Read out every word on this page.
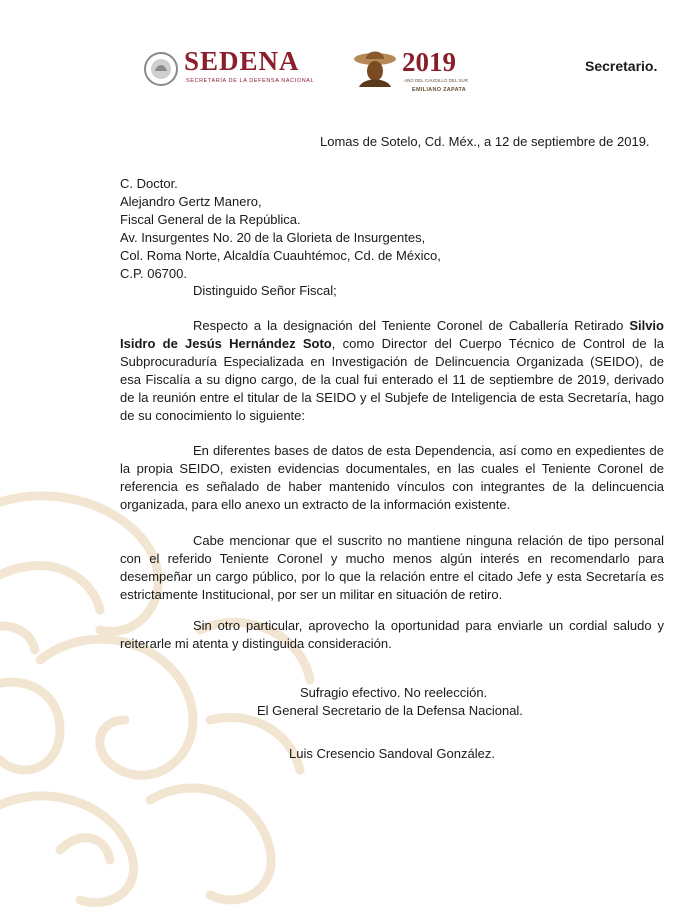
SEDENA
SECRETARÍA DE LA DEFENSA NACIONAL
2019
AÑO DEL CAUDILLO DEL SUR
EMILIANO ZAPATA
Secretario.
Lomas de Sotelo, Cd. Méx., a 12 de septiembre de 2019.
C. Doctor.
Alejandro Gertz Manero,
Fiscal General de la República.
Av. Insurgentes No. 20 de la Glorieta de Insurgentes,
Col. Roma Norte, Alcaldía Cuauhtémoc, Cd. de México,
C.P. 06700.
Distinguido Señor Fiscal;
Respecto a la designación del Teniente Coronel de Caballería Retirado Silvio Isidro de Jesús Hernández Soto, como Director del Cuerpo Técnico de Control de la Subprocuraduría Especializada en Investigación de Delincuencia Organizada (SEIDO), de esa Fiscalía a su digno cargo, de la cual fui enterado el 11 de septiembre de 2019, derivado de la reunión entre el titular de la SEIDO y el Subjefe de Inteligencia de esta Secretaría, hago de su conocimiento lo siguiente:
En diferentes bases de datos de esta Dependencia, así como en expedientes de la propia SEIDO, existen evidencias documentales, en las cuales el Teniente Coronel de referencia es señalado de haber mantenido vínculos con integrantes de la delincuencia organizada, para ello anexo un extracto de la información existente.
Cabe mencionar que el suscrito no mantiene ninguna relación de tipo personal con el referido Teniente Coronel y mucho menos algún interés en recomendarlo para desempeñar un cargo público, por lo que la relación entre el citado Jefe y esta Secretaría es estrictamente Institucional, por ser un militar en situación de retiro.
Sin otro particular, aprovecho la oportunidad para enviarle un cordial saludo y reiterarle mi atenta y distinguida consideración.
Sufragio efectivo. No reelección.
El General Secretario de la Defensa Nacional.
Luis Cresencio Sandoval González.
